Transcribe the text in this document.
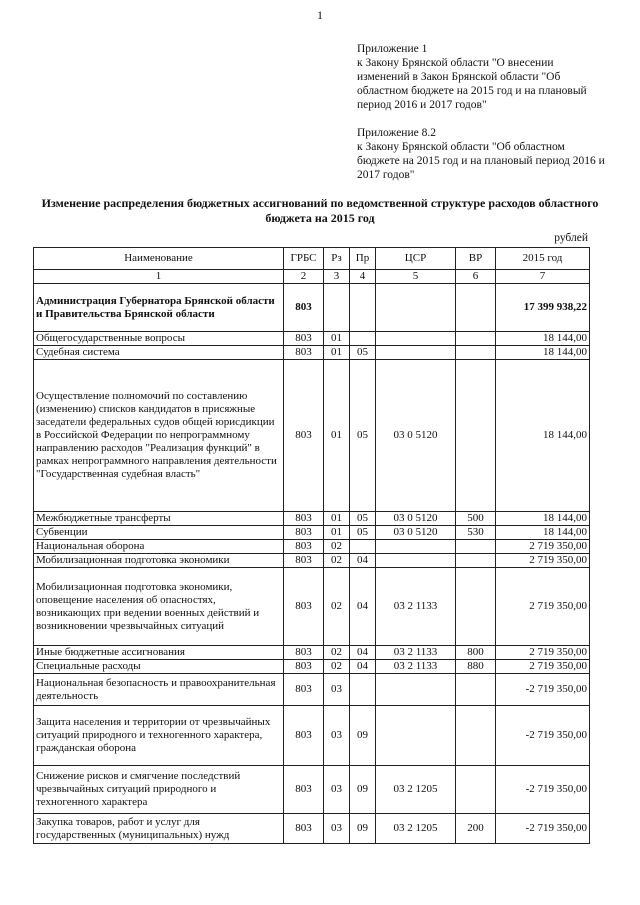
1

Приложение 1

к Закону Брянской области "О внесении изменений в Закон Брянской области "Об областном бюджете на 2015 год и на плановый период 2016 и 2017 годов"

Приложение 8.2

к Закону Брянской области "Об областном бюджете на 2015 год и на плановый период 2016 и 2017 годов"

Изменение распределения бюджетных ассигнований по ведомственной структуре расходов областного бюджета на 2015 год
рублей
Наименование	ГРБС	Рз	Пр	ЦСР	ВР	2015 год
1	2	3	4	5	6	7
Администрация Губернатора Брянской области и Правительства Брянской области	803					17 399 938,22
Общегосударственные вопросы	803	01				18 144,00
Судебная система	803	01	05			18 144,00
Осуществление полномочий по составлению (изменению) списков кандидатов в присяжные заседатели федеральных судов общей юрисдикции в Российской Федерации по непрограммному направлению расходов "Реализация функций" в рамках непрограммного направления деятельности "Государственная судебная власть"	803	01	05	03 0 5120		18 144,00
Межбюджетные трансферты	803	01	05	03 0 5120	500	18 144,00
Субвенции	803	01	05	03 0 5120	530	18 144,00
Национальная оборона	803	02				2 719 350,00
Мобилизационная подготовка экономики	803	02	04			2 719 350,00
Мобилизационная подготовка экономики, оповещение населения об опасностях, возникающих при ведении военных действий и возникновении чрезвычайных ситуаций	803	02	04	03 2 1133		2 719 350,00
Иные бюджетные ассигнования	803	02	04	03 2 1133	800	2 719 350,00
Специальные расходы	803	02	04	03 2 1133	880	2 719 350,00
Национальная безопасность и правоохранительная деятельность	803	03				-2 719 350,00
Защита населения и территории от чрезвычайных ситуаций природного и техногенного характера, гражданская оборона	803	03	09			-2 719 350,00
Снижение рисков и смягчение последствий чрезвычайных ситуаций природного и техногенного характера	803	03	09	03 2 1205		-2 719 350,00
Закупка товаров, работ и услуг для государственных (муниципальных) нужд	803	03	09	03 2 1205	200	-2 719 350,00
